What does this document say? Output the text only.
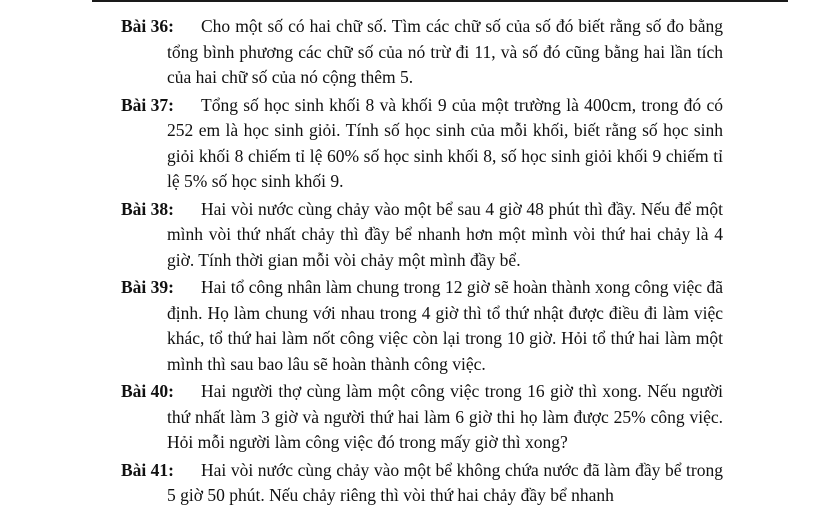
Bài 36:	Cho một số có hai chữ số. Tìm các chữ số của số đó biết rằng số đo bằng tổng bình phương các chữ số của nó trừ đi 11, và số đó cũng bằng hai lần tích của hai chữ số của nó cộng thêm 5.

Bài 37:	Tổng số học sinh khối 8 và khối 9 của một trường là 400cm, trong đó có 252 em là học sinh giỏi. Tính số học sinh của mỗi khối, biết rằng số học sinh giỏi khối 8 chiếm tỉ lệ 60% số học sinh khối 8, số học sinh giỏi khối 9 chiếm tỉ lệ 5% số học sinh khối 9.

Bài 38:	Hai vòi nước cùng chảy vào một bể sau 4 giờ 48 phút thì đầy. Nếu để một mình vòi thứ nhất chảy thì đầy bể nhanh hơn một mình vòi thứ hai chảy là 4 giờ. Tính thời gian mỗi vòi chảy một mình đầy bể.

Bài 39:	Hai tổ công nhân làm chung trong 12 giờ sẽ hoàn thành xong công việc đã định. Họ làm chung với nhau trong 4 giờ thì tổ thứ nhật được điều đi làm việc khác, tổ thứ hai làm nốt công việc còn lại trong 10 giờ. Hỏi tổ thứ hai làm một mình thì sau bao lâu sẽ hoàn thành công việc.

Bài 40:	Hai người thợ cùng làm một công việc trong 16 giờ thì xong. Nếu người thứ nhất làm 3 giờ và người thứ hai làm 6 giờ thi họ làm được 25% công việc. Hỏi mỗi người làm công việc đó trong mấy giờ thì xong?

Bài 41:	Hai vòi nước cùng chảy vào một bể không chứa nước đã làm đầy bể trong 5 giờ 50 phút. Nếu chảy riêng thì vòi thứ hai chảy đầy bể nhanh
